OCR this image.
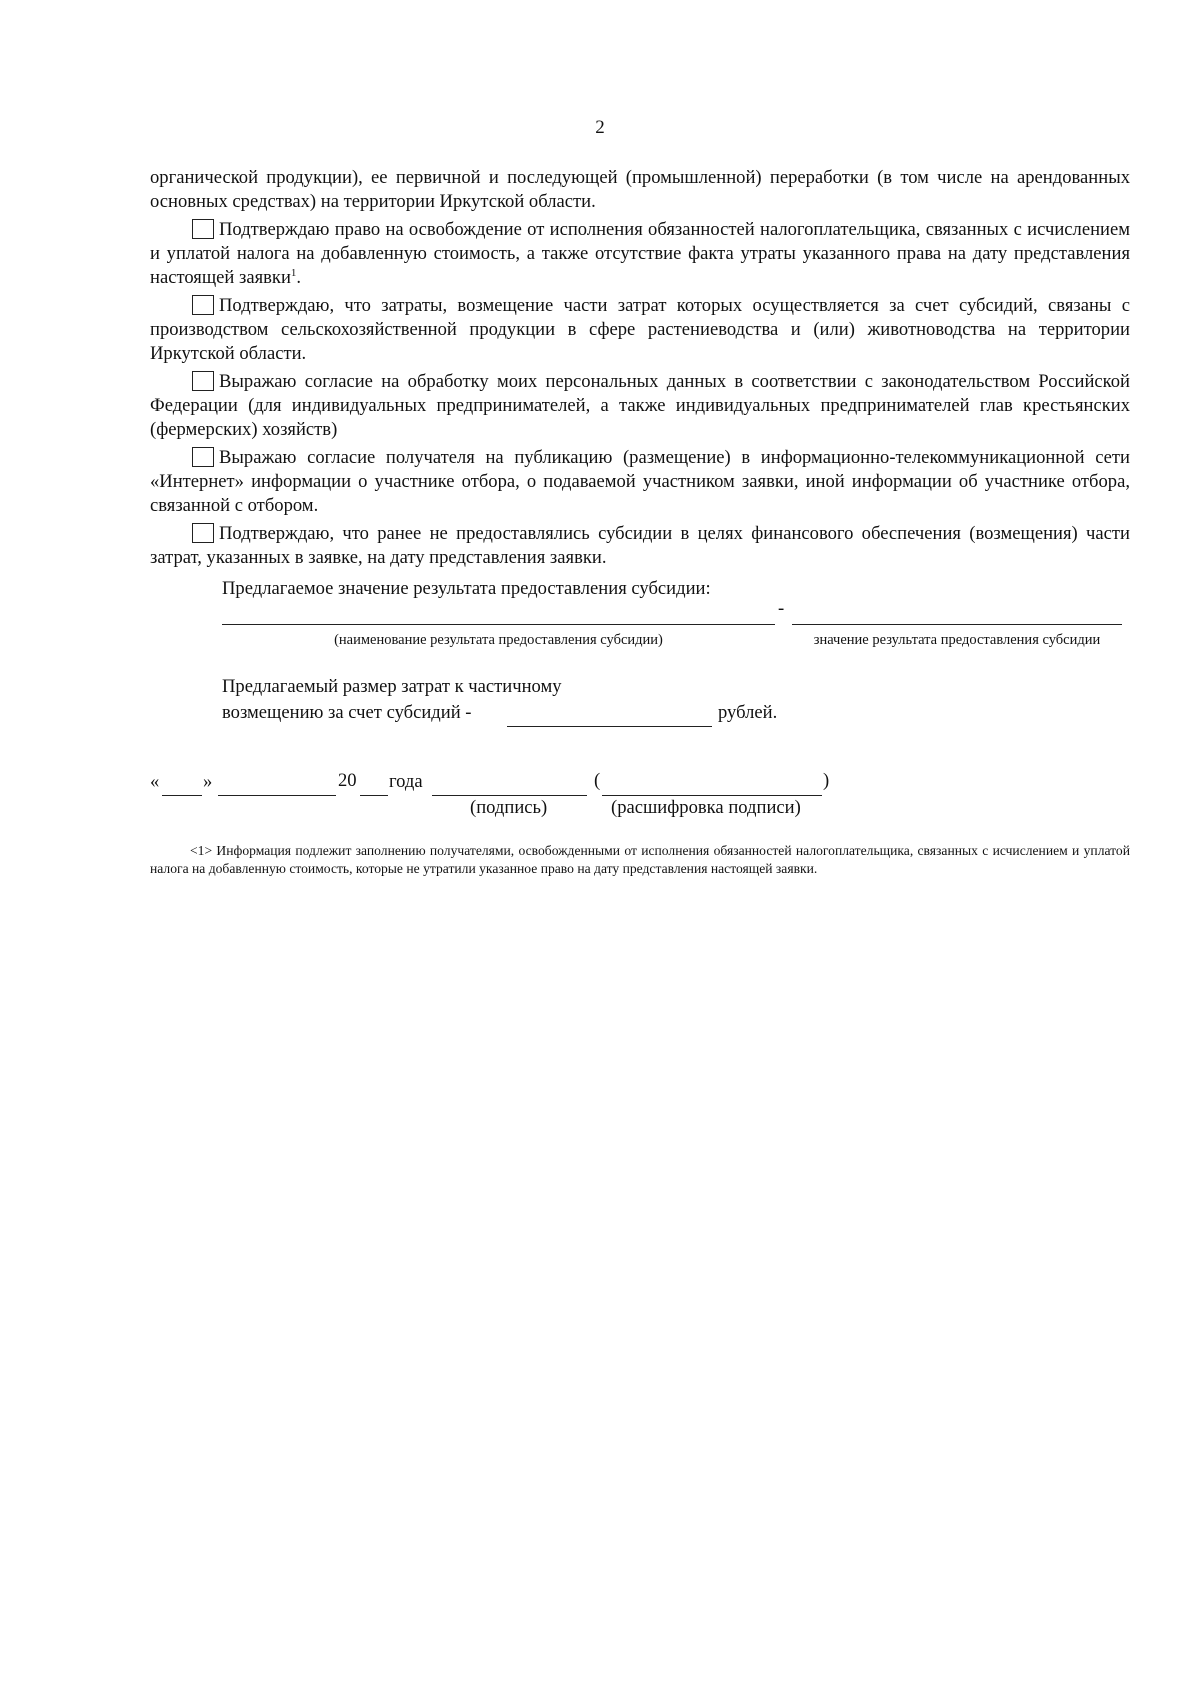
2

органической продукции), ее первичной и последующей (промышленной) переработки (в том числе на арендованных основных средствах) на территории Иркутской области.

Подтверждаю право на освобождение от исполнения обязанностей налогоплательщика, связанных с исчислением и уплатой налога на добавленную стоимость, а также отсутствие факта утраты указанного права на дату представления настоящей заявки$^1$.

Подтверждаю, что затраты, возмещение части затрат которых осуществляется за счет субсидий, связаны с производством сельскохозяйственной продукции в сфере растениеводства и (или) животноводства на территории Иркутской области.

Выражаю согласие на обработку моих персональных данных в соответствии с законодательством Российской Федерации (для индивидуальных предпринимателей, а также индивидуальных предпринимателей глав крестьянских (фермерских) хозяйств)

Выражаю согласие получателя на публикацию (размещение) в информационно-телекоммуникационной сети «Интернет» информации о участнике отбора, о подаваемой участником заявки, иной информации об участнике отбора, связанной с отбором.

Подтверждаю, что ранее не предоставлялись субсидии в целях финансового обеспечения (возмещения) части затрат, указанных в заявке, на дату представления заявки.

Предлагаемое значение результата предоставления субсидии:
-
(наименование результата предоставления субсидии)	значение результата предоставления субсидии
Предлагаемый размер затрат к частичному
возмещению за счет субсидий -	рублей.
« »	20 года	(	)
(подпись)	(расшифровка подписи)
<1> Информация подлежит заполнению получателями, освобожденными от исполнения обязанностей налогоплательщика, связанных с исчислением и уплатой налога на добавленную стоимость, которые не утратили указанное право на дату представления настоящей заявки.
